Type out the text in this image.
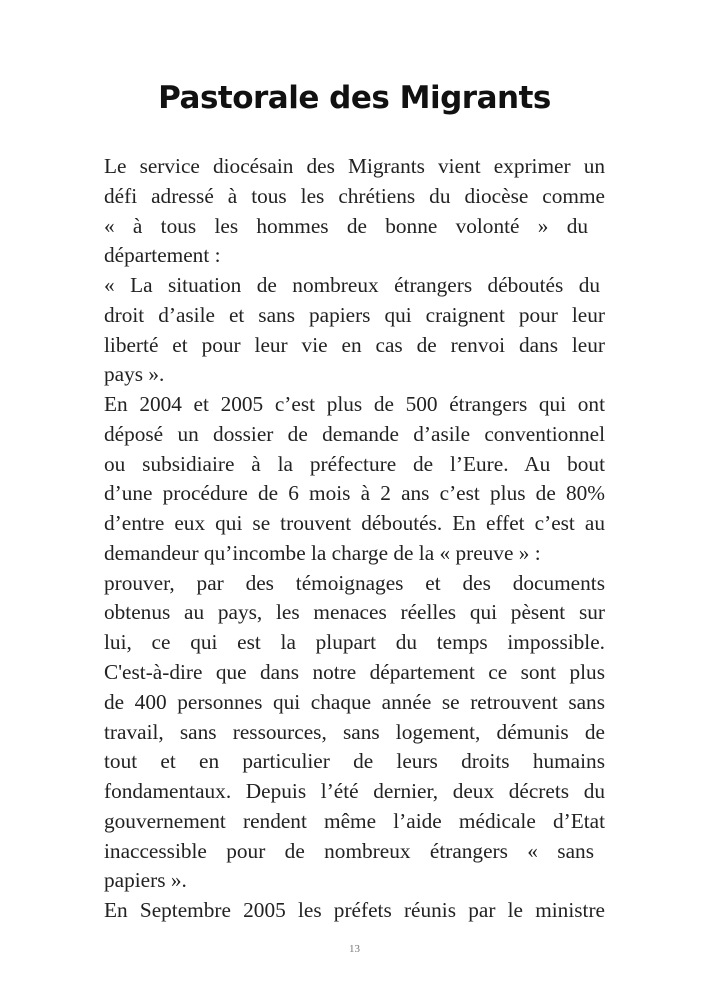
Pastorale des Migrants
Le service diocésain des Migrants vient exprimer un
défi adressé à tous les chrétiens du diocèse comme
« à tous les hommes de bonne volonté » du
département :
« La situation de nombreux étrangers déboutés du
droit d’asile et sans papiers qui craignent pour leur
liberté et pour leur vie en cas de renvoi dans leur
pays ».
En 2004 et 2005 c’est plus de 500 étrangers qui ont
déposé un dossier de demande d’asile conventionnel
ou subsidiaire à la préfecture de l’Eure. Au bout
d’une procédure de 6 mois à 2 ans c’est plus de 80%
d’entre eux qui se trouvent déboutés. En effet c’est au
demandeur qu’incombe la charge de la « preuve » :
prouver, par des témoignages et des documents
obtenus au pays, les menaces réelles qui pèsent sur
lui, ce qui est la plupart du temps impossible.
C'est-à-dire que dans notre département ce sont plus
de 400 personnes qui chaque année se retrouvent sans
travail, sans ressources, sans logement, démunis de
tout et en particulier de leurs droits humains
fondamentaux. Depuis l’été dernier, deux décrets du
gouvernement rendent même l’aide médicale d’Etat
inaccessible pour de nombreux étrangers « sans
papiers ».
En Septembre 2005 les préfets réunis par le ministre
13
